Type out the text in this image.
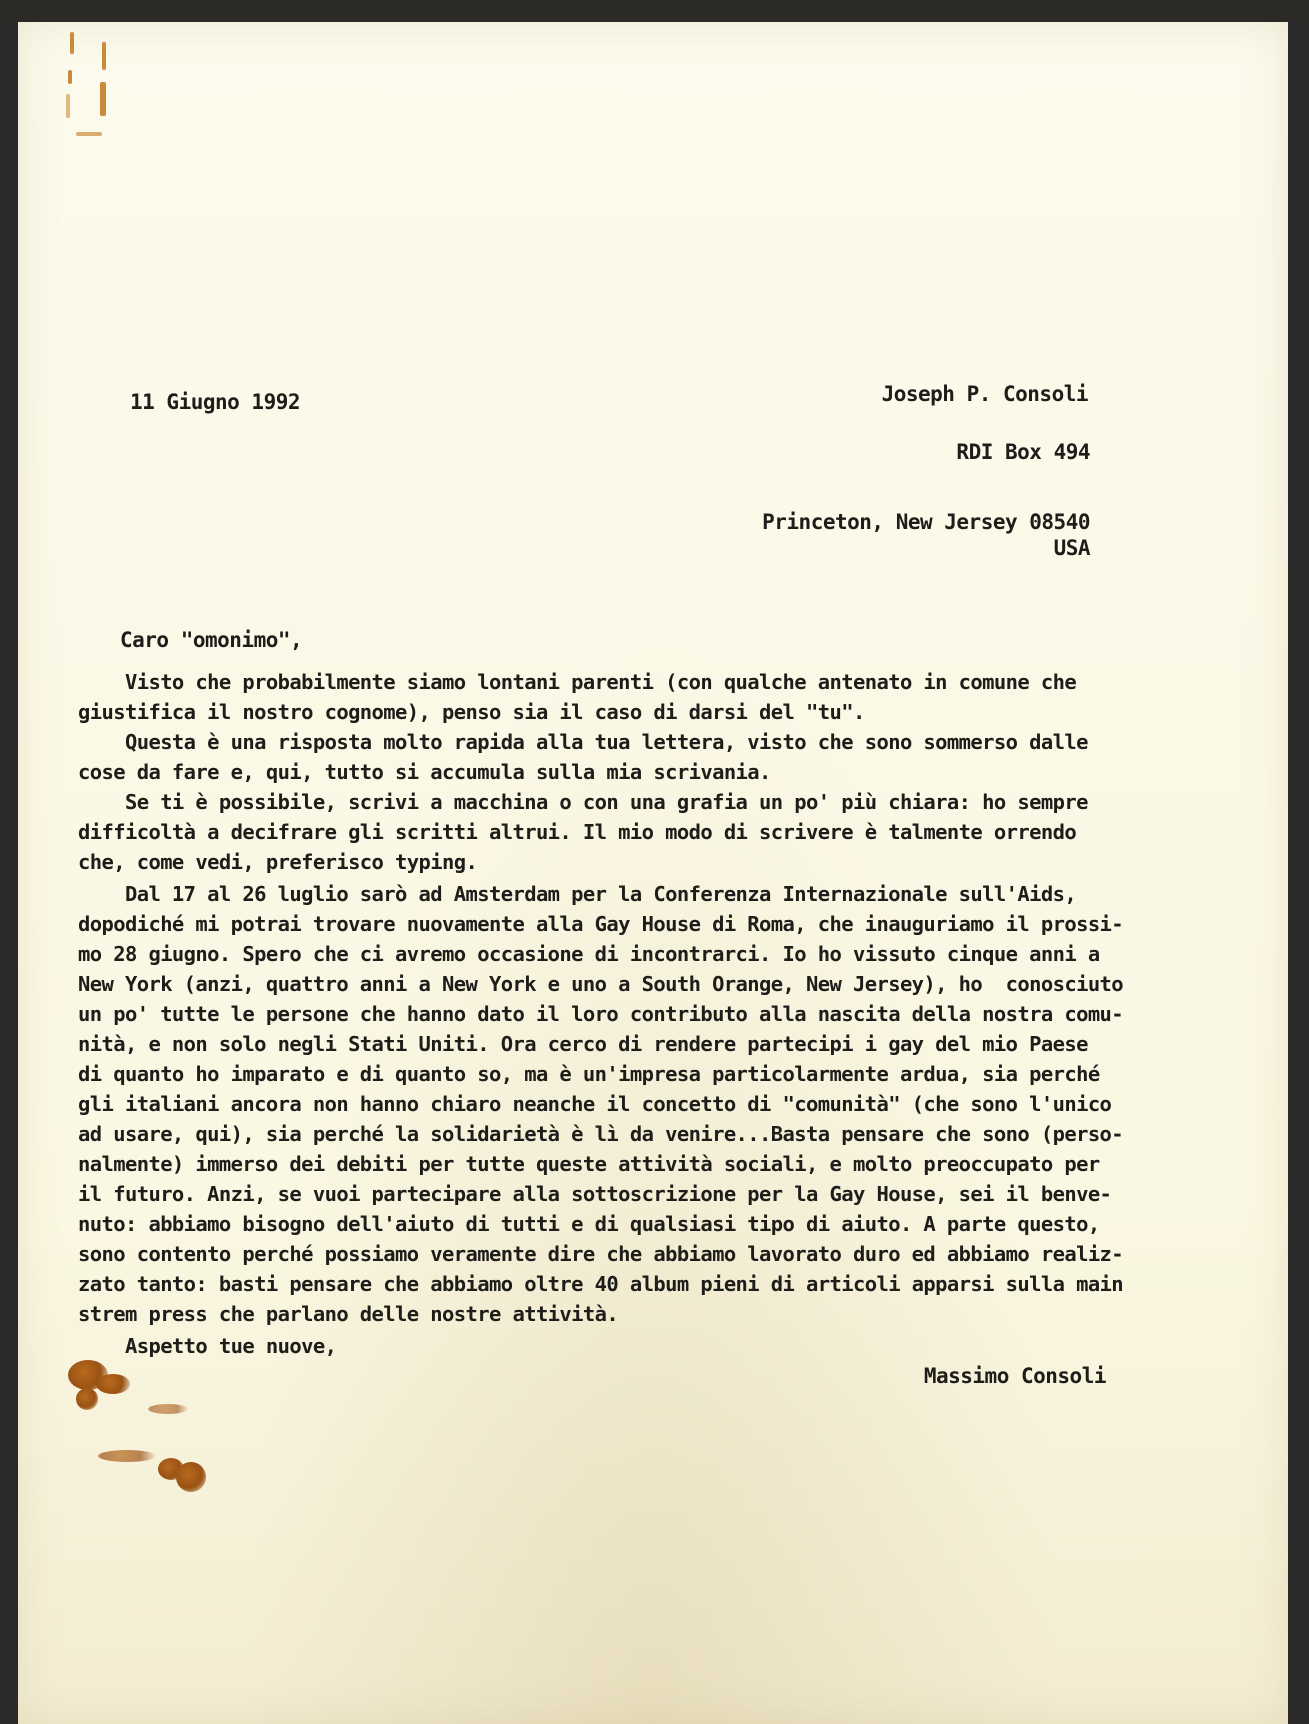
11 Giugno 1992	Joseph P. Consoli
RDI Box 494
Princeton, New Jersey 08540
USA
Caro "omonimo",
Visto che probabilmente siamo lontani parenti (con qualche antenato in comune che
giustifica il nostro cognome), penso sia il caso di darsi del "tu".
Questa è una risposta molto rapida alla tua lettera, visto che sono sommerso dalle
cose da fare e, qui, tutto si accumula sulla mia scrivania.
Se ti è possibile, scrivi a macchina o con una grafia un po' più chiara: ho sempre
difficoltà a decifrare gli scritti altrui. Il mio modo di scrivere è talmente orrendo
che, come vedi, preferisco typing.
Dal 17 al 26 luglio sarò ad Amsterdam per la Conferenza Internazionale sull'Aids,
dopodiché mi potrai trovare nuovamente alla Gay House di Roma, che inauguriamo il prossi-
mo 28 giugno. Spero che ci avremo occasione di incontrarci. Io ho vissuto cinque anni a
New York (anzi, quattro anni a New York e uno a South Orange, New Jersey), ho  conosciuto
un po' tutte le persone che hanno dato il loro contributo alla nascita della nostra comu-
nità, e non solo negli Stati Uniti. Ora cerco di rendere partecipi i gay del mio Paese
di quanto ho imparato e di quanto so, ma è un'impresa particolarmente ardua, sia perché
gli italiani ancora non hanno chiaro neanche il concetto di "comunità" (che sono l'unico
ad usare, qui), sia perché la solidarietà è lì da venire...Basta pensare che sono (perso-
nalmente) immerso dei debiti per tutte queste attività sociali, e molto preoccupato per
il futuro. Anzi, se vuoi partecipare alla sottoscrizione per la Gay House, sei il benve-
nuto: abbiamo bisogno dell'aiuto di tutti e di qualsiasi tipo di aiuto. A parte questo,
sono contento perché possiamo veramente dire che abbiamo lavorato duro ed abbiamo realiz-
zato tanto: basti pensare che abbiamo oltre 40 album pieni di articoli apparsi sulla main
strem press che parlano delle nostre attività.
Aspetto tue nuove,
Massimo Consoli
